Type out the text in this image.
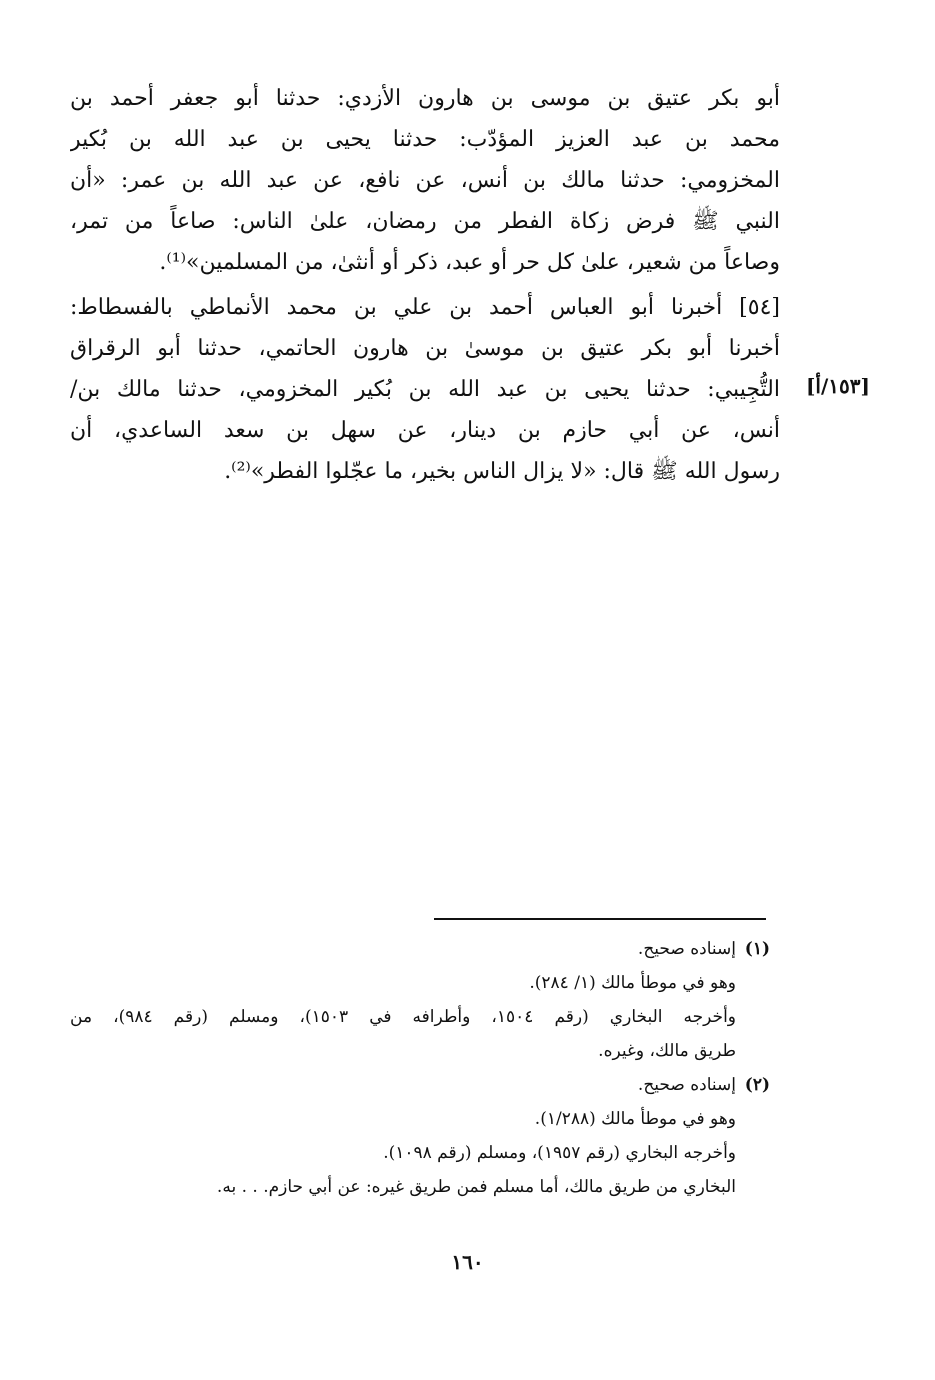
أبو بكر عتيق بن موسى بن هارون الأزدي: حدثنا أبو جعفر أحمد بن
محمد بن عبد العزيز المؤدّب: حدثنا يحيى بن عبد الله بن بُكير
المخزومي: حدثنا مالك بن أنس، عن نافع، عن عبد الله بن عمر: «أن
النبي ﷺ فرض زكاة الفطر من رمضان، علىٰ الناس: صاعاً من تمر،
وصاعاً من شعير، علىٰ كل حر أو عبد، ذكر أو أنثىٰ، من المسلمين»⁽¹⁾.
[٥٤] أخبرنا أبو العباس أحمد بن علي بن محمد الأنماطي بالفسطاط:
أخبرنا أبو بكر عتيق بن موسىٰ بن هارون الحاتمي، حدثنا أبو الرقراق
التُّجِيبي: حدثنا يحيى بن عبد الله بن بُكير المخزومي، حدثنا مالك بن/
أنس، عن أبي حازم بن دينار، عن سهل بن سعد الساعدي، أن
رسول الله ﷺ قال: «لا يزال الناس بخير، ما عجّلوا الفطر»⁽²⁾.
[١٥٣/أ]
(١)إسناده صحيح.
وهو في موطأ مالك (١/ ٢٨٤).
وأخرجه البخاري (رقم ١٥٠٤، وأطرافه في ١٥٠٣)، ومسلم (رقم ٩٨٤)، من
طريق مالك، وغيره.
(٢)إسناده صحيح.
وهو في موطأ مالك (١/٢٨٨).
وأخرجه البخاري (رقم ١٩٥٧)، ومسلم (رقم ١٠٩٨).
البخاري من طريق مالك، أما مسلم فمن طريق غيره: عن أبي حازم. . . به.
١٦٠
